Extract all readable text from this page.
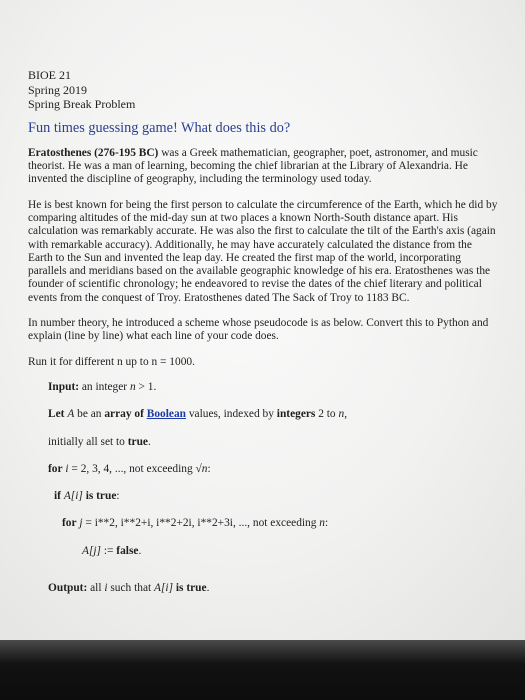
BIOE 21
Spring 2019
Spring Break Problem
Fun times guessing game! What does this do?

Eratosthenes (276-195 BC) was a Greek mathematician, geographer, poet, astronomer, and music theorist. He was a man of learning, becoming the chief librarian at the Library of Alexandria. He invented the discipline of geography, including the terminology used today.

He is best known for being the first person to calculate the circumference of the Earth, which he did by comparing altitudes of the mid-day sun at two places a known North-South distance apart. His calculation was remarkably accurate. He was also the first to calculate the tilt of the Earth's axis (again with remarkable accuracy). Additionally, he may have accurately calculated the distance from the Earth to the Sun and invented the leap day. He created the first map of the world, incorporating parallels and meridians based on the available geographic knowledge of his era. Eratosthenes was the founder of scientific chronology; he endeavored to revise the dates of the chief literary and political events from the conquest of Troy. Eratosthenes dated The Sack of Troy to 1183 BC.

In number theory, he introduced a scheme whose pseudocode is as below. Convert this to Python and explain (line by line) what each line of your code does.

Run it for different n up to n = 1000.

Input: an integer n > 1.
Let A be an array of Boolean values, indexed by integers 2 to n,
initially all set to true.
for i = 2, 3, 4, ..., not exceeding √n:
if A[i] is true:
for j = i**2, i**2+i, i**2+2i, i**2+3i, ..., not exceeding n:
A[j] := false.
Output: all i such that A[i] is true.
